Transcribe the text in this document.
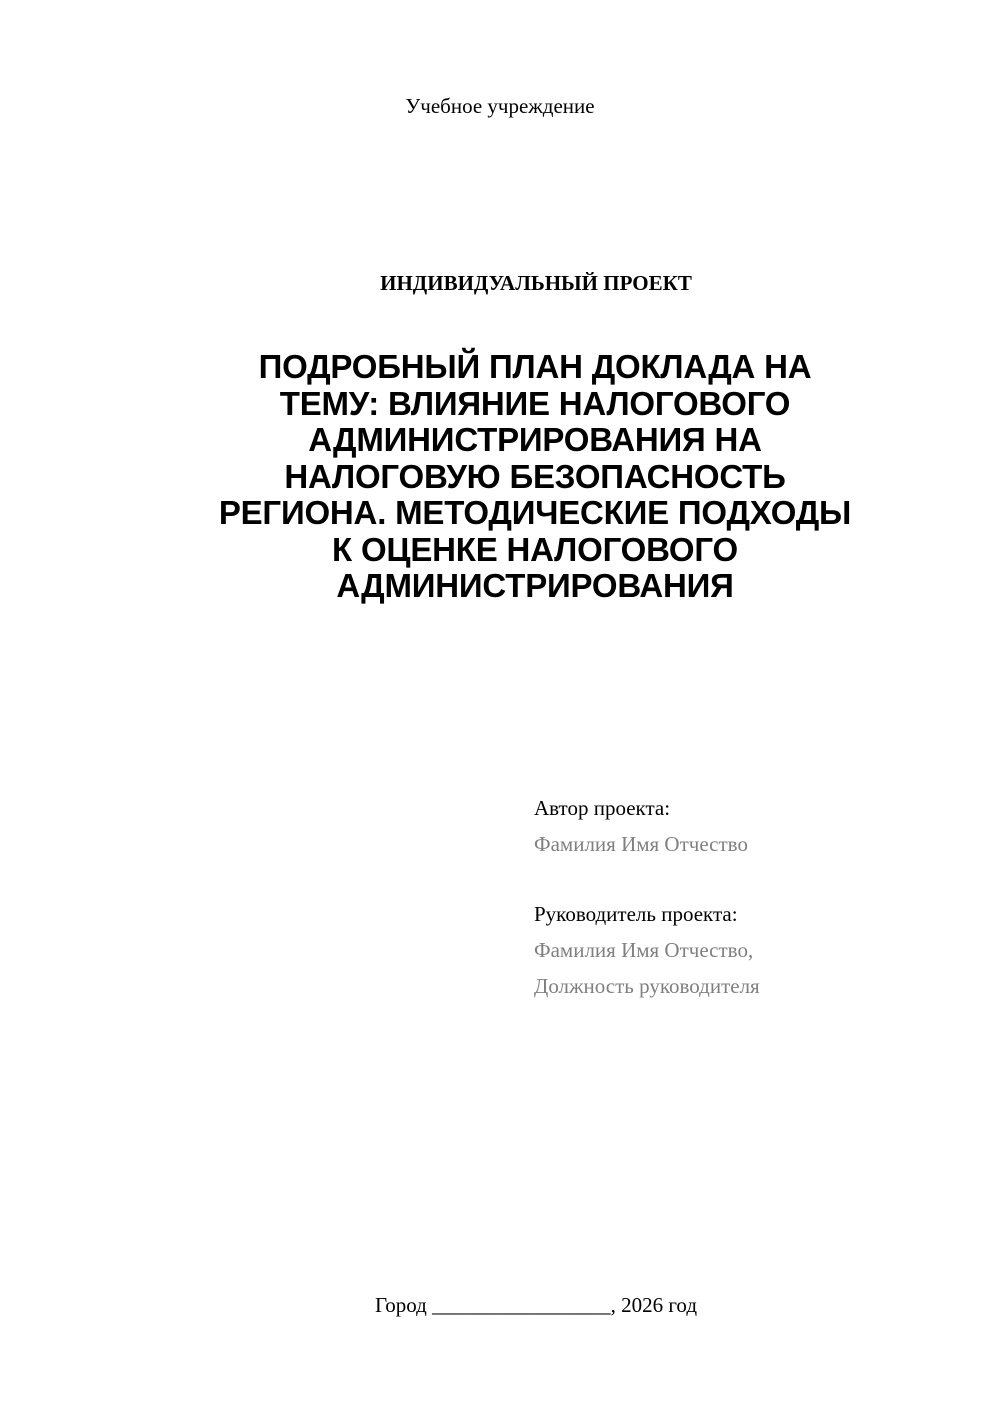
Учебное учреждение
ИНДИВИДУАЛЬНЫЙ ПРОЕКТ
ПОДРОБНЫЙ ПЛАН ДОКЛАДА НА
ТЕМУ: ВЛИЯНИЕ НАЛОГОВОГО
АДМИНИСТРИРОВАНИЯ НА
НАЛОГОВУЮ БЕЗОПАСНОСТЬ
РЕГИОНА. МЕТОДИЧЕСКИЕ ПОДХОДЫ
К ОЦЕНКЕ НАЛОГОВОГО
АДМИНИСТРИРОВАНИЯ
Автор проекта:
Фамилия Имя Отчество
Руководитель проекта:
Фамилия Имя Отчество,
Должность руководителя
Город _________________, 2026 год
